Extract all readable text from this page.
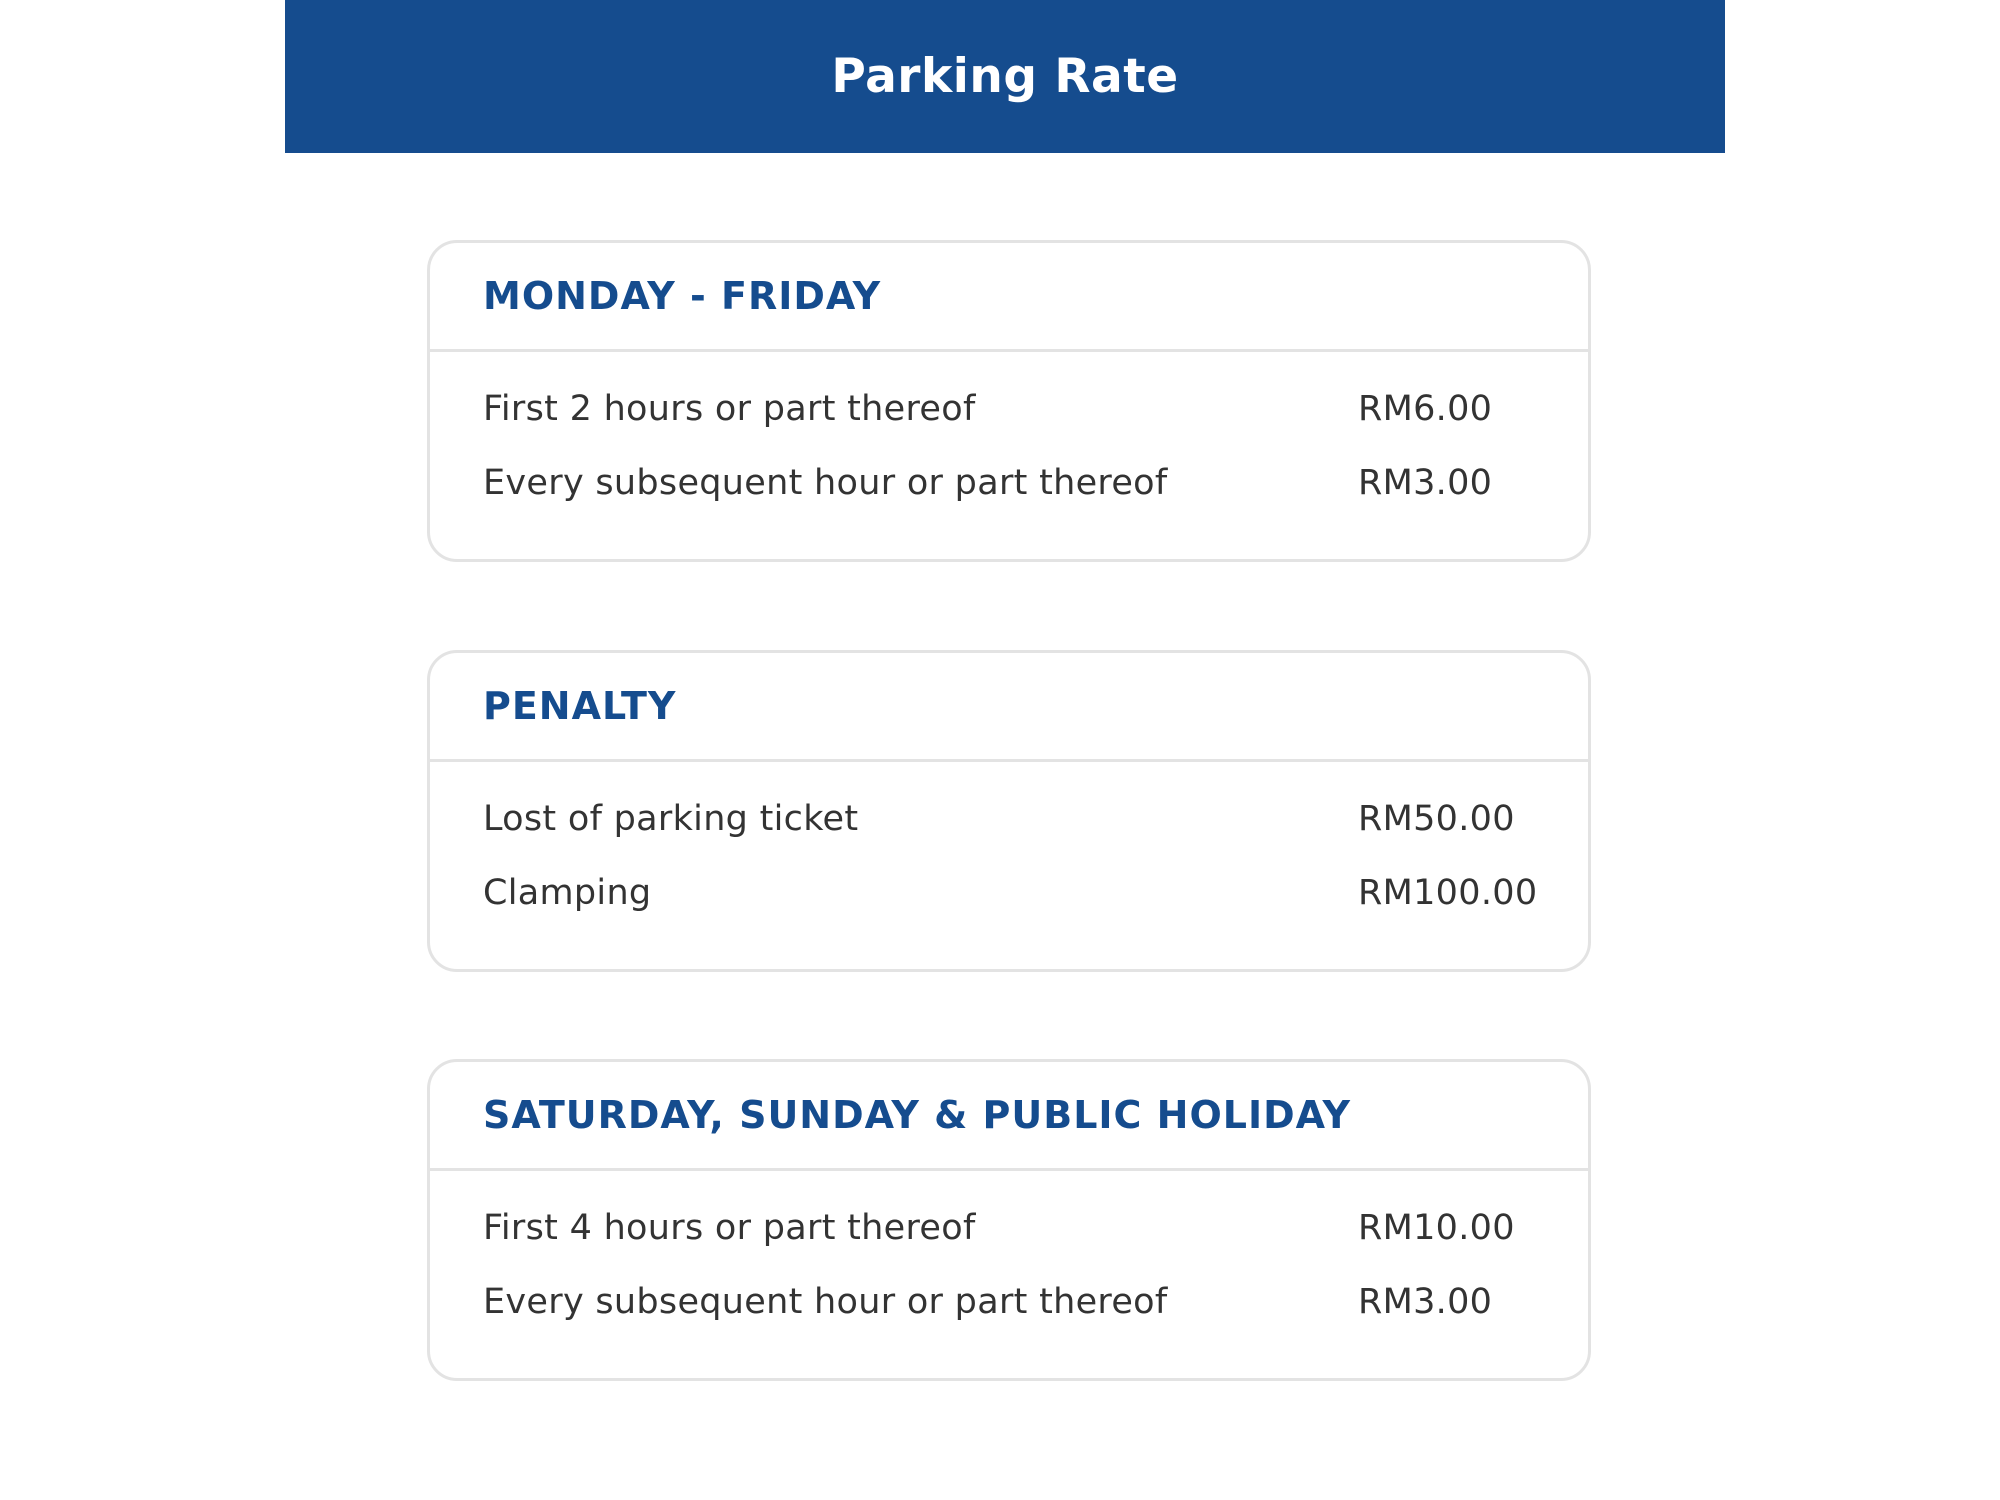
Parking Rate
MONDAY - FRIDAY
First 2 hours or part thereof	RM6.00
Every subsequent hour or part thereof	RM3.00
PENALTY
Lost of parking ticket	RM50.00
Clamping	RM100.00
SATURDAY, SUNDAY & PUBLIC HOLIDAY
First 4 hours or part thereof	RM10.00
Every subsequent hour or part thereof	RM3.00
